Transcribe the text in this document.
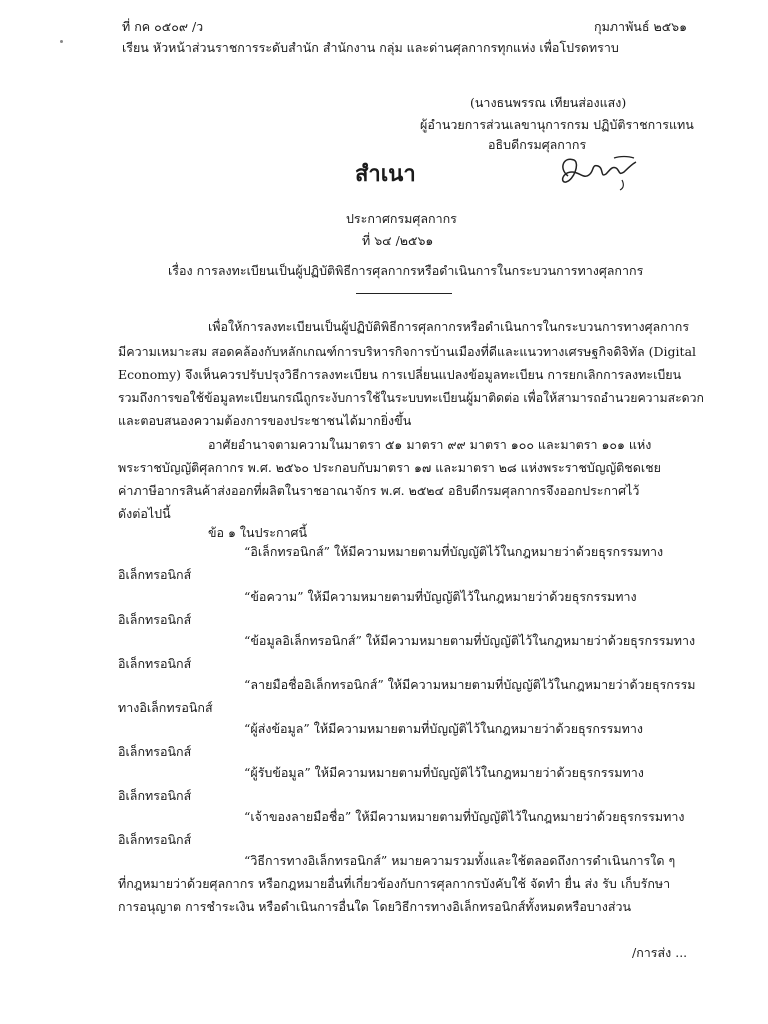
ที่ กค ๐๕๐๙ /ว	กุมภาพันธ์ ๒๕๖๑
เรียน หัวหน้าส่วนราชการระดับสำนัก สำนักงาน กลุ่ม และด่านศุลกากรทุกแห่ง เพื่อโปรดทราบ
(นางธนพรรณ เทียนส่องแสง)
ผู้อำนวยการส่วนเลขานุการกรม ปฏิบัติราชการแทน
อธิบดีกรมศุลกากร
สำเนา
ประกาศกรมศุลกากร
ที่ ๖๔ /๒๕๖๑
เรื่อง การลงทะเบียนเป็นผู้ปฏิบัติพิธีการศุลกากรหรือดำเนินการในกระบวนการทางศุลกากร
เพื่อให้การลงทะเบียนเป็นผู้ปฏิบัติพิธีการศุลกากรหรือดำเนินการในกระบวนการทางศุลกากร
มีความเหมาะสม สอดคล้องกับหลักเกณฑ์การบริหารกิจการบ้านเมืองที่ดีและแนวทางเศรษฐกิจดิจิทัล (Digital
Economy) จึงเห็นควรปรับปรุงวิธีการลงทะเบียน การเปลี่ยนแปลงข้อมูลทะเบียน การยกเลิกการลงทะเบียน
รวมถึงการขอใช้ข้อมูลทะเบียนกรณีถูกระงับการใช้ในระบบทะเบียนผู้มาติดต่อ เพื่อให้สามารถอำนวยความสะดวก
และตอบสนองความต้องการของประชาชนได้มากยิ่งขึ้น
อาศัยอำนาจตามความในมาตรา ๕๑ มาตรา ๙๙ มาตรา ๑๐๐ และมาตรา ๑๐๑ แห่ง
พระราชบัญญัติศุลกากร พ.ศ. ๒๕๖๐ ประกอบกับมาตรา ๑๗ และมาตรา ๒๘ แห่งพระราชบัญญัติชดเชย
ค่าภาษีอากรสินค้าส่งออกที่ผลิตในราชอาณาจักร พ.ศ. ๒๕๒๔ อธิบดีกรมศุลกากรจึงออกประกาศไว้
ดังต่อไปนี้
ข้อ ๑ ในประกาศนี้
“อิเล็กทรอนิกส์” ให้มีความหมายตามที่บัญญัติไว้ในกฎหมายว่าด้วยธุรกรรมทาง
อิเล็กทรอนิกส์
“ข้อความ” ให้มีความหมายตามที่บัญญัติไว้ในกฎหมายว่าด้วยธุรกรรมทาง
อิเล็กทรอนิกส์
“ข้อมูลอิเล็กทรอนิกส์” ให้มีความหมายตามที่บัญญัติไว้ในกฎหมายว่าด้วยธุรกรรมทาง
อิเล็กทรอนิกส์
“ลายมือชื่ออิเล็กทรอนิกส์” ให้มีความหมายตามที่บัญญัติไว้ในกฎหมายว่าด้วยธุรกรรม
ทางอิเล็กทรอนิกส์
“ผู้ส่งข้อมูล” ให้มีความหมายตามที่บัญญัติไว้ในกฎหมายว่าด้วยธุรกรรมทาง
อิเล็กทรอนิกส์
“ผู้รับข้อมูล” ให้มีความหมายตามที่บัญญัติไว้ในกฎหมายว่าด้วยธุรกรรมทาง
อิเล็กทรอนิกส์
“เจ้าของลายมือชื่อ” ให้มีความหมายตามที่บัญญัติไว้ในกฎหมายว่าด้วยธุรกรรมทาง
อิเล็กทรอนิกส์
“วิธีการทางอิเล็กทรอนิกส์” หมายความรวมทั้งและใช้ตลอดถึงการดำเนินการใด ๆ
ที่กฎหมายว่าด้วยศุลกากร หรือกฎหมายอื่นที่เกี่ยวข้องกับการศุลกากรบังคับใช้ จัดทำ ยื่น ส่ง รับ เก็บรักษา
การอนุญาต การชำระเงิน หรือดำเนินการอื่นใด โดยวิธีการทางอิเล็กทรอนิกส์ทั้งหมดหรือบางส่วน
/การส่ง ...
